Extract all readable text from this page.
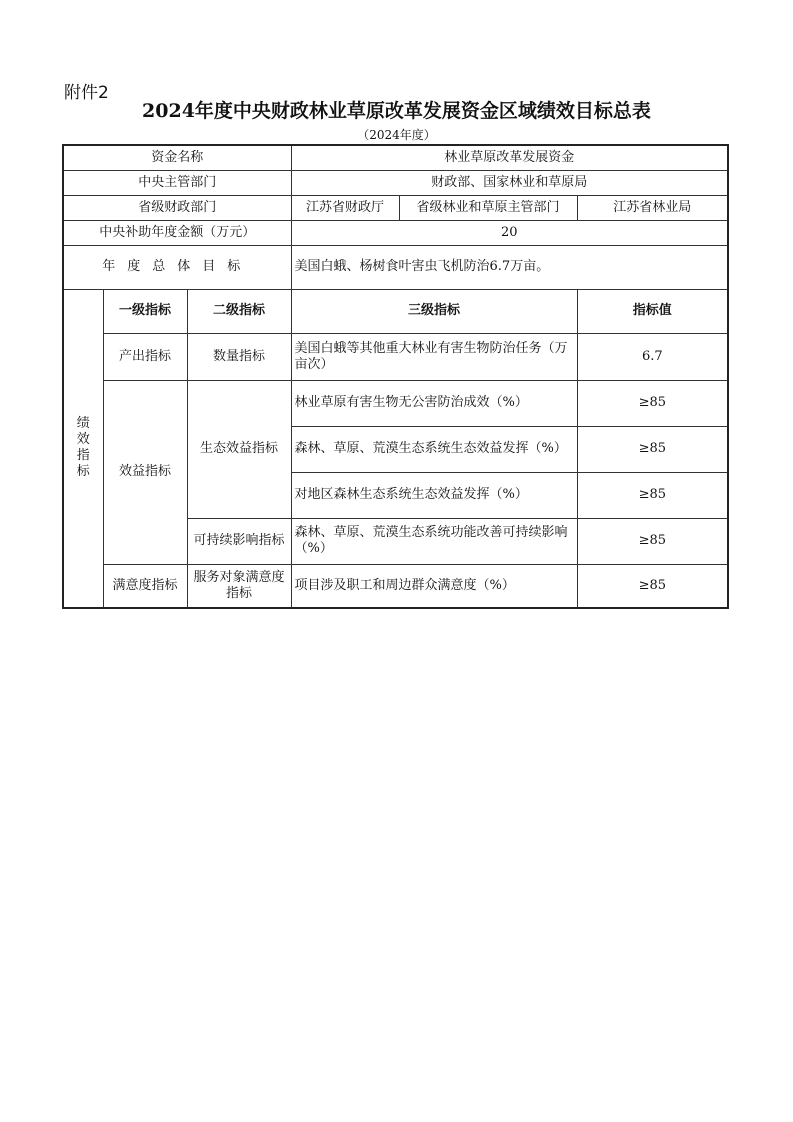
附件2
2024年度中央财政林业草原改革发展资金区域绩效目标总表
（2024年度）
资金名称			林业草原改革发展资金		
中央主管部门			财政部、国家林业和草原局		
省级财政部门			江苏省财政厅	省级林业和草原主管部门	江苏省林业局
中央补助年度金额（万元）			20		
年度总体目标			美国白蛾、杨树食叶害虫飞机防治6.7万亩。		

绩效指标	一级指标	二级指标	三级指标		指标值
	产出指标	数量指标	美国白蛾等其他重大林业有害生物防治任务（万亩次）		6.7
	效益指标	生态效益指标	林业草原有害生物无公害防治成效（%）		≥85
			森林、草原、荒漠生态系统生态效益发挥（%）		≥85
			对地区森林生态系统生态效益发挥（%）		≥85
		可持续影响指标	森林、草原、荒漠生态系统功能改善可持续影响（%）		≥85
	满意度指标	服务对象满意度指标	项目涉及职工和周边群众满意度（%）		≥85
